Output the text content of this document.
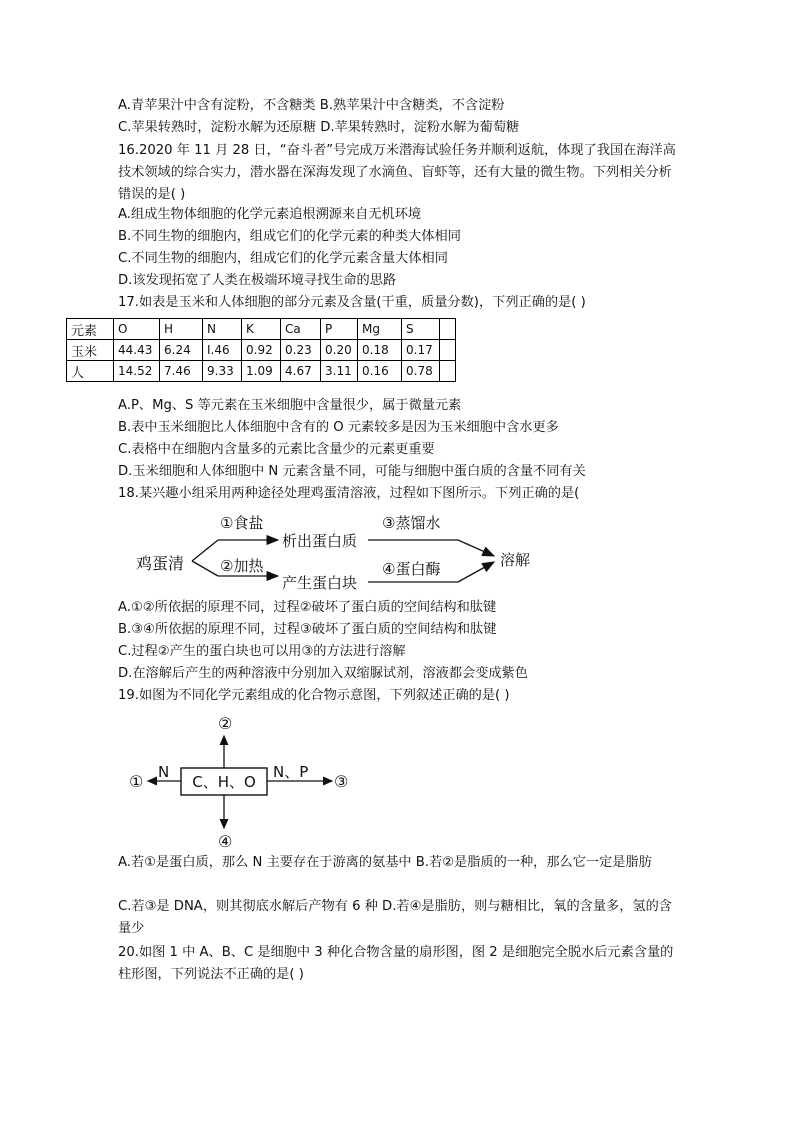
A.青苹果汁中含有淀粉，不含糖类 B.熟苹果汁中含糖类，不含淀粉
C.苹果转熟时，淀粉水解为还原糖 D.苹果转熟时，淀粉水解为葡萄糖
16.2020 年 11 月 28 日，“奋斗者”号完成万米潜海试验任务并顺利返航，体现了我国在海洋高技术领域的综合实力，潜水器在深海发现了水滴鱼、盲虾等，还有大量的微生物。下列相关分析错误的是( )
A.组成生物体细胞的化学元素追根溯源来自无机环境
B.不同生物的细胞内，组成它们的化学元素的种类大体相同
C.不同生物的细胞内，组成它们的化学元素含量大体相同
D.该发现拓宽了人类在极端环境寻找生命的思路
17.如表是玉米和人体细胞的部分元素及含量(干重，质量分数)，下列正确的是( )
元素	O	H	N	K	Ca	P	Mg	S	
玉米	44.43	6.24	I.46	0.92	0.23	0.20	0.18	0.17	
人	14.52	7.46	9.33	1.09	4.67	3.11	0.16	0.78	
A.P、Mg、S 等元素在玉米细胞中含量很少，属于微量元素
B.表中玉米细胞比人体细胞中含有的 O 元素较多是因为玉米细胞中含水更多
C.表格中在细胞内含量多的元素比含量少的元素更重要
D.玉米细胞和人体细胞中 N 元素含量不同，可能与细胞中蛋白质的含量不同有关
18.某兴趣小组采用两种途径处理鸡蛋清溶液，过程如下图所示。下列正确的是(
鸡蛋清
①食盐
②加热
析出蛋白质
产生蛋白块
③蒸馏水
④蛋白酶	溶解
A.①②所依据的原理不同，过程②破坏了蛋白质的空间结构和肽键
B.③④所依据的原理不同，过程③破坏了蛋白质的空间结构和肽键
C.过程②产生的蛋白块也可以用③的方法进行溶解
D.在溶解后产生的两种溶液中分别加入双缩脲试剂，溶液都会变成紫色
19.如图为不同化学元素组成的化合物示意图，下列叙述正确的是( )
C、H、O
N	N、P
①
②
③
④
A.若①是蛋白质，那么 N 主要存在于游离的氨基中 B.若②是脂质的一种，那么它一定是脂肪
C.若③是 DNA，则其彻底水解后产物有 6 种 D.若④是脂肪，则与糖相比，氧的含量多，氢的含量少
20.如图 1 中 A、B、C 是细胞中 3 种化合物含量的扇形图，图 2 是细胞完全脱水后元素含量的柱形图，下列说法不正确的是( )
